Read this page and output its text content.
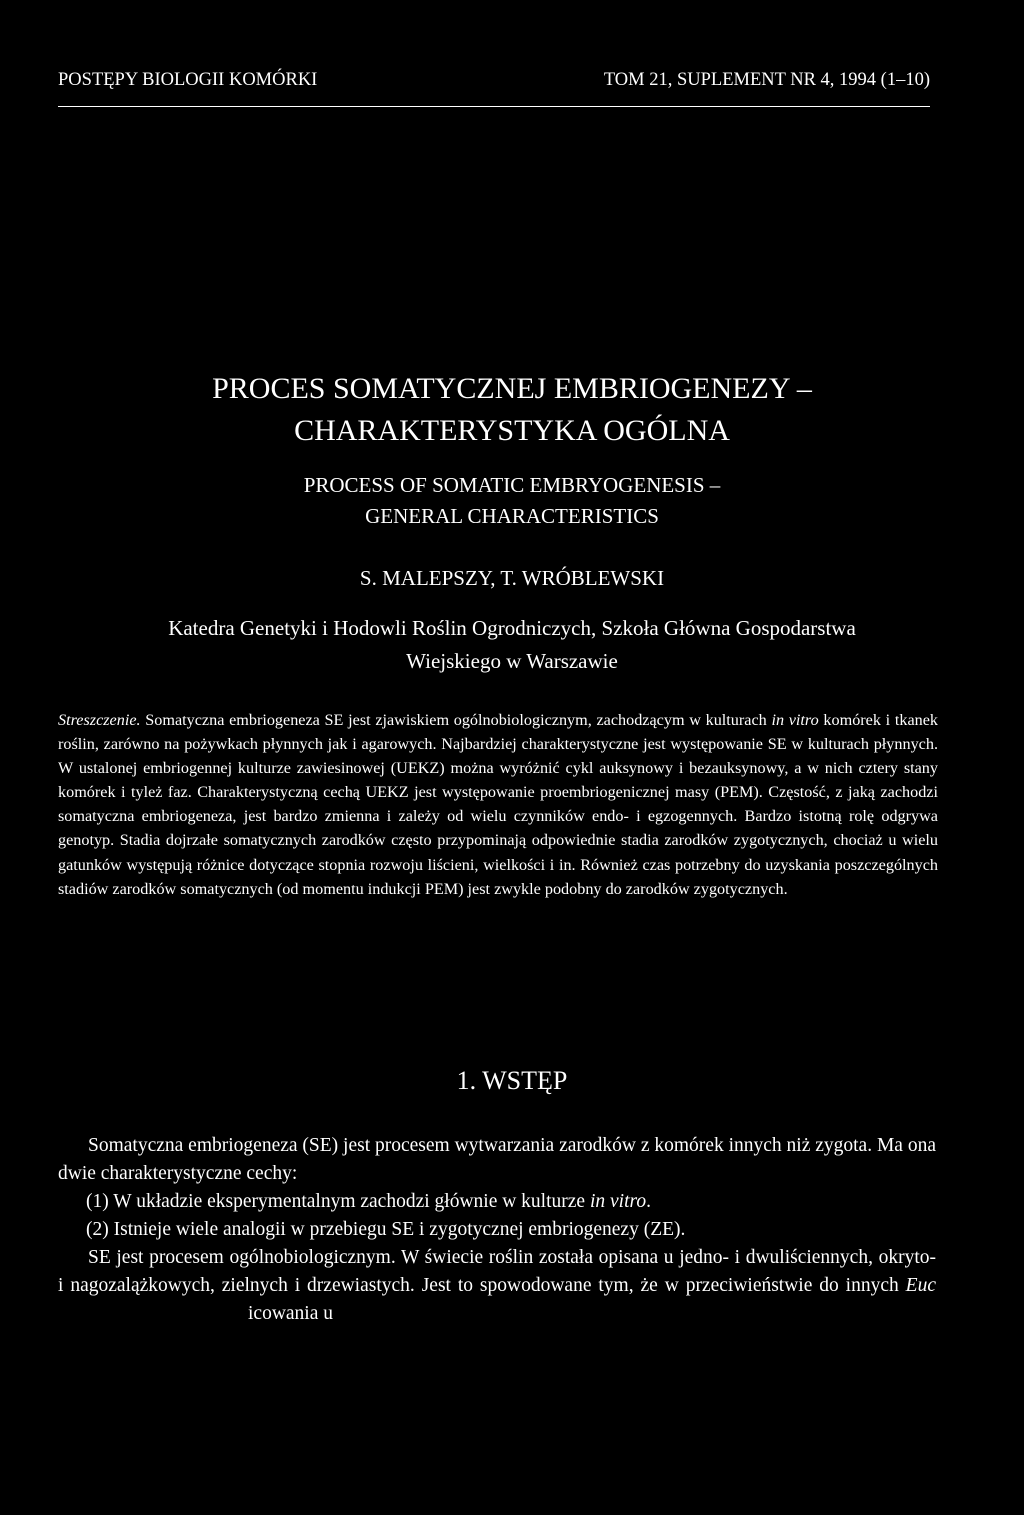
POSTĘPY BIOLOGII KOMÓRKI	TOM 21, SUPLEMENT NR 4, 1994 (1–10)
PROCES SOMATYCZNEJ EMBRIOGENEZY –
CHARAKTERYSTYKA OGÓLNA
PROCESS OF SOMATIC EMBRYOGENESIS –
GENERAL CHARACTERISTICS
S. MALEPSZY, T. WRÓBLEWSKI
Katedra Genetyki i Hodowli Roślin Ogrodniczych, Szkoła Główna Gospodarstwa
Wiejskiego w Warszawie
Streszczenie. Somatyczna embriogeneza SE jest zjawiskiem ogólnobiologicznym, zachodzącym w kulturach in vitro komórek i tkanek roślin, zarówno na pożywkach płynnych jak i agarowych. Najbardziej charakterystyczne jest występowanie SE w kulturach płynnych. W ustalonej embriogennej kulturze zawiesinowej (UEKZ) można wyróżnić cykl auksynowy i bezauksynowy, a w nich cztery stany komórek i tyleż faz. Charakterystyczną cechą UEKZ jest występowanie proembriogenicznej masy (PEM). Częstość, z jaką zachodzi somatyczna embriogeneza, jest bardzo zmienna i zależy od wielu czynników endo- i egzogennych. Bardzo istotną rolę odgrywa genotyp. Stadia dojrzałe somatycznych zarodków często przypominają odpowiednie stadia zarodków zygotycznych, chociaż u wielu gatunków występują różnice dotyczące stopnia rozwoju liścieni, wielkości i in. Również czas potrzebny do uzyskania poszczególnych stadiów zarodków somatycznych (od momentu indukcji PEM) jest zwykle podobny do zarodków zygotycznych.
1. WSTĘP

Somatyczna embriogeneza (SE) jest procesem wytwarzania zarodków z komórek innych niż zygota. Ma ona dwie charakterystyczne cechy:

(1) W układzie eksperymentalnym zachodzi głównie w kulturze in vitro.

(2) Istnieje wiele analogii w przebiegu SE i zygotycznej embriogenezy (ZE).

SE jest procesem ogólnobiologicznym. W świecie roślin została opisana u jedno- i dwuliściennych, okryto- i nagozalążkowych, zielnych i drzewiastych. Jest to spowodowane tym, że w przeciwieństwie do innych Eucicowania u
